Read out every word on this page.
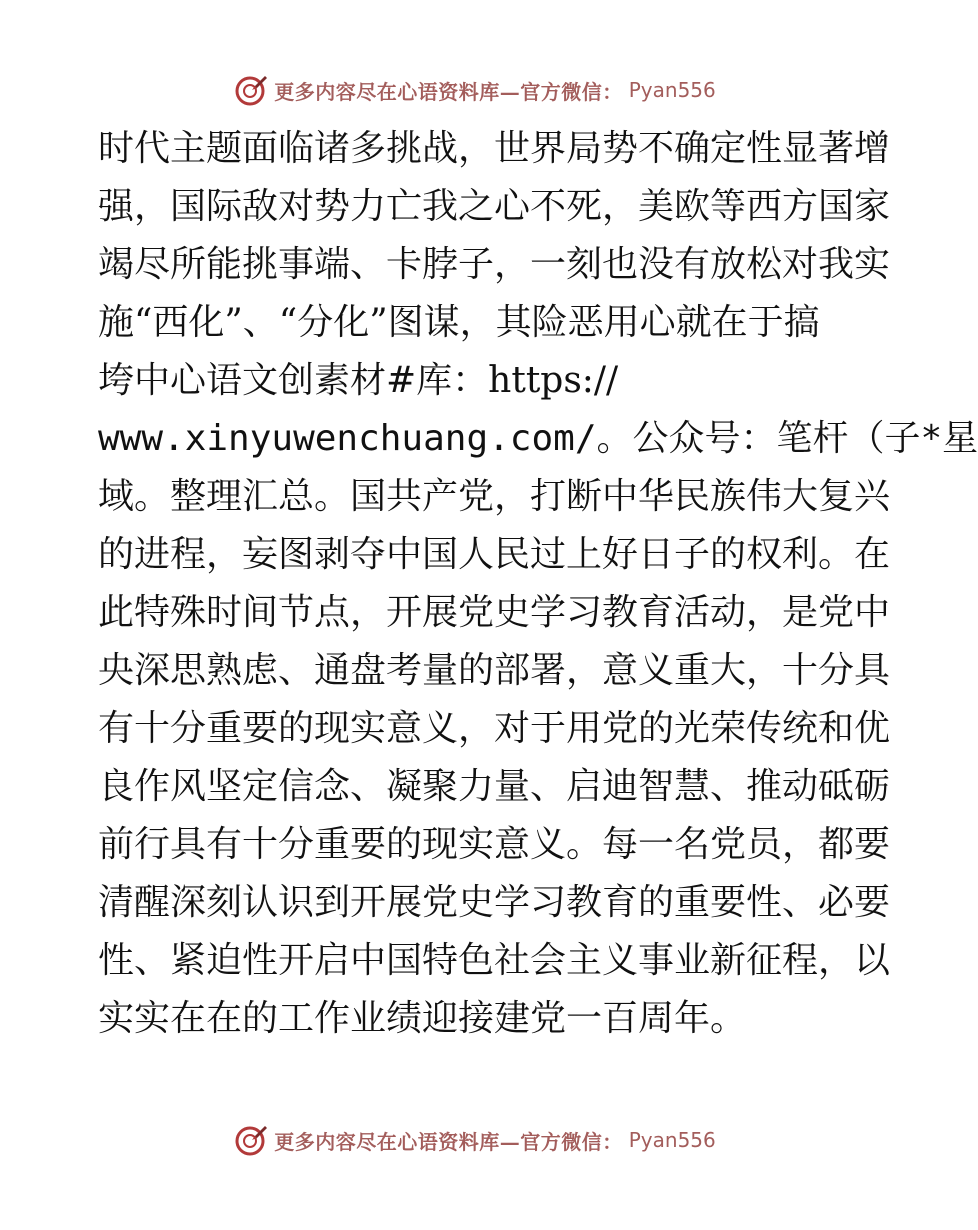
更多内容尽在心语资料库—官方微信： Pyan556
时代主题面临诸多挑战，世界局势不确定性显著增
强，国际敌对势力亡我之心不死，美欧等西方国家
竭尽所能挑事端、卡脖子，一刻也没有放松对我实
施“西化”、“分化”图谋，其险恶用心就在于搞
垮中心语文创素材#库：https://
www.xinyuwenchuang.com/。公众号：笔杆（子*星
域。整理汇总。国共产党，打断中华民族伟大复兴
的进程，妄图剥夺中国人民过上好日子的权利。在
此特殊时间节点，开展党史学习教育活动，是党中
央深思熟虑、通盘考量的部署，意义重大，十分具
有十分重要的现实意义，对于用党的光荣传统和优
良作风坚定信念、凝聚力量、启迪智慧、推动砥砺
前行具有十分重要的现实意义。每一名党员，都要
清醒深刻认识到开展党史学习教育的重要性、必要
性、紧迫性开启中国特色社会主义事业新征程，以
实实在在的工作业绩迎接建党一百周年。
更多内容尽在心语资料库—官方微信： Pyan556
